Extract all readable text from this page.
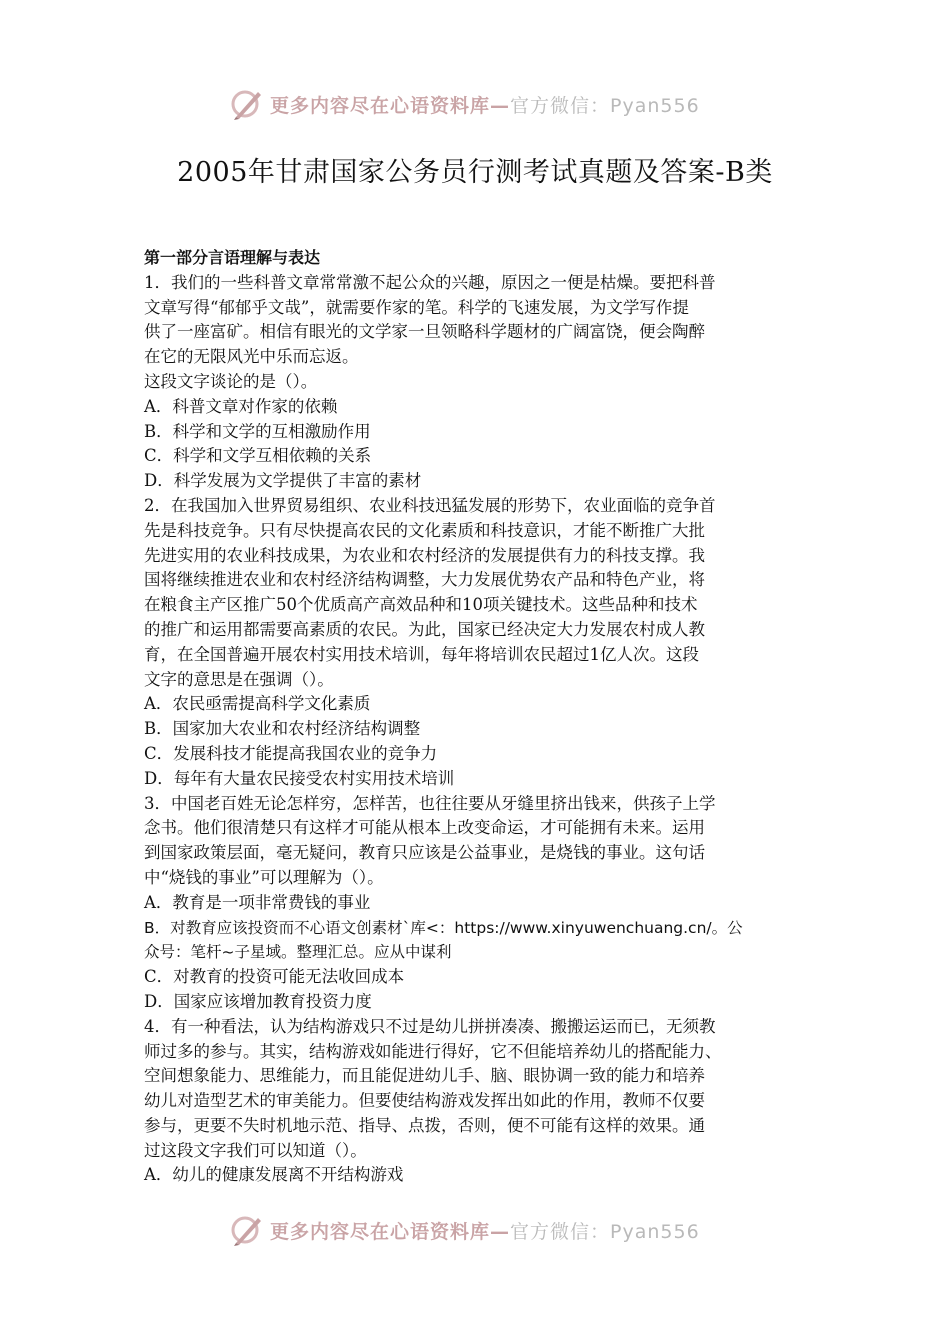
更多内容尽在心语资料库—官方微信：Pyan556
2005年甘肃国家公务员行测考试真题及答案-B类

第一部分言语理解与表达

1．我们的一些科普文章常常激不起公众的兴趣，原因之一便是枯燥。要把科普

文章写得“郁郁乎文哉”，就需要作家的笔。科学的飞速发展，为文学写作提

供了一座富矿。相信有眼光的文学家一旦领略科学题材的广阔富饶，便会陶醉

在它的无限风光中乐而忘返。

这段文字谈论的是（）。

A．科普文章对作家的依赖

B．科学和文学的互相激励作用

C．科学和文学互相依赖的关系

D．科学发展为文学提供了丰富的素材

2．在我国加入世界贸易组织、农业科技迅猛发展的形势下，农业面临的竞争首

先是科技竞争。只有尽快提高农民的文化素质和科技意识，才能不断推广大批

先进实用的农业科技成果，为农业和农村经济的发展提供有力的科技支撑。我

国将继续推进农业和农村经济结构调整，大力发展优势农产品和特色产业，将

在粮食主产区推广50个优质高产高效品种和10项关键技术。这些品种和技术

的推广和运用都需要高素质的农民。为此，国家已经决定大力发展农村成人教

育，在全国普遍开展农村实用技术培训，每年将培训农民超过1亿人次。这段

文字的意思是在强调（）。

A．农民亟需提高科学文化素质

B．国家加大农业和农村经济结构调整

C．发展科技才能提高我国农业的竞争力

D．每年有大量农民接受农村实用技术培训

3．中国老百姓无论怎样穷，怎样苦，也往往要从牙缝里挤出钱来，供孩子上学

念书。他们很清楚只有这样才可能从根本上改变命运，才可能拥有未来。运用

到国家政策层面，毫无疑问，教育只应该是公益事业，是烧钱的事业。这句话

中“烧钱的事业”可以理解为（）。

A．教育是一项非常费钱的事业

B．对教育应该投资而不心语文创素材`库<：https://www.xinyuwenchuang.cn/。公

众号：笔杆~子星域。整理汇总。应从中谋利

C．对教育的投资可能无法收回成本

D．国家应该增加教育投资力度

4．有一种看法，认为结构游戏只不过是幼儿拼拼凑凑、搬搬运运而已，无须教

师过多的参与。其实，结构游戏如能进行得好，它不但能培养幼儿的搭配能力、

空间想象能力、思维能力，而且能促进幼儿手、脑、眼协调一致的能力和培养

幼儿对造型艺术的审美能力。但要使结构游戏发挥出如此的作用，教师不仅要

参与，更要不失时机地示范、指导、点拨，否则，便不可能有这样的效果。通

过这段文字我们可以知道（）。

A．幼儿的健康发展离不开结构游戏

更多内容尽在心语资料库—官方微信：Pyan556
